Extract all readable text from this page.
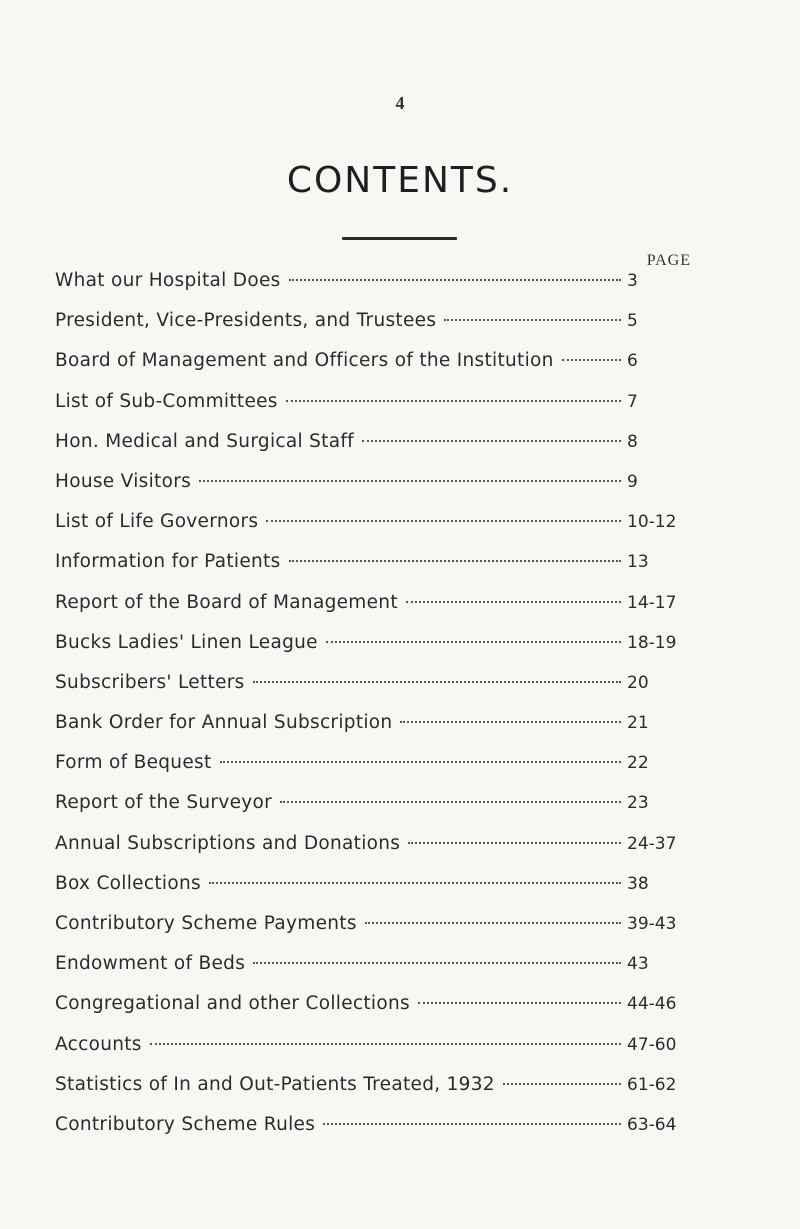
4
CONTENTS.
PAGE
What our Hospital Does	3
President, Vice-Presidents, and Trustees	5
Board of Management and Officers of the Institution	6
List of Sub-Committees	7
Hon. Medical and Surgical Staff	8
House Visitors	9
List of Life Governors	10-12
Information for Patients	13
Report of the Board of Management	14-17
Bucks Ladies' Linen League	18-19
Subscribers' Letters	20
Bank Order for Annual Subscription	21
Form of Bequest	22
Report of the Surveyor	23
Annual Subscriptions and Donations	24-37
Box Collections	38
Contributory Scheme Payments	39-43
Endowment of Beds	43
Congregational and other Collections	44-46
Accounts	47-60
Statistics of In and Out-Patients Treated, 1932	61-62
Contributory Scheme Rules	63-64
